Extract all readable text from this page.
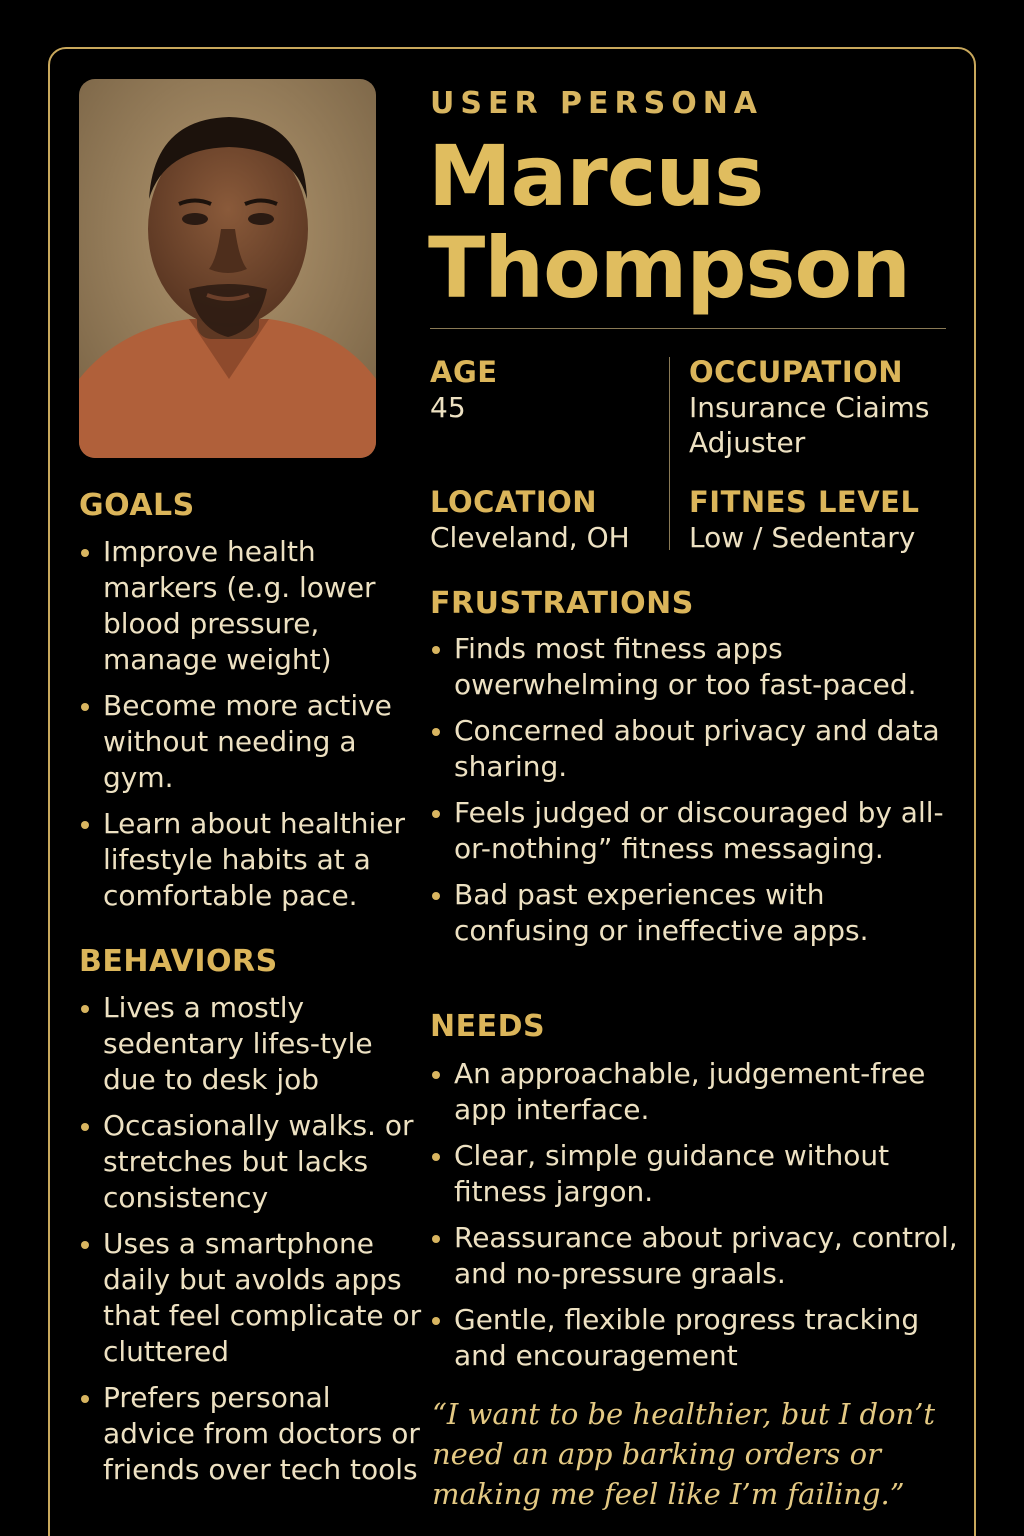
USER PERSONA
Marcus
Thompson
AGE
45
OCCUPATION
Insurance Ciaims Adjuster
LOCATION
Cleveland, OH
FITNES LEVEL
Low / Sedentary
GOALS
Improve health markers (e.g. lower blood pressure, manage weight)
Become more active without needing a gym.
Learn about healthier lifestyle habits at a comfortable pace.
BEHAVIORS
Lives a mostly sedentary lifes-tyle due to desk job
Occasionally walks. or stretches but lacks consistency
Uses a smartphone daily but avolds apps that feel complicate or cluttered
Prefers personal advice from doctors or friends over tech tools
FRUSTRATIONS
Finds most fitness apps owerwhelming or too fast-paced.
Concerned about privacy and data sharing.
Feels judged or discouraged by all-or-nothing” fitness messaging.
Bad past experiences with confusing or ineffective apps.
NEEDS
An approachable, judgement-free app interface.
Clear, simple guidance without fitness jargon.
Reassurance about privacy, control, and no-pressure graals.
Gentle, flexible progress tracking and encouragement
“I want to be healthier, but I don’t need an app barking orders or making me feel like I’m failing.”
